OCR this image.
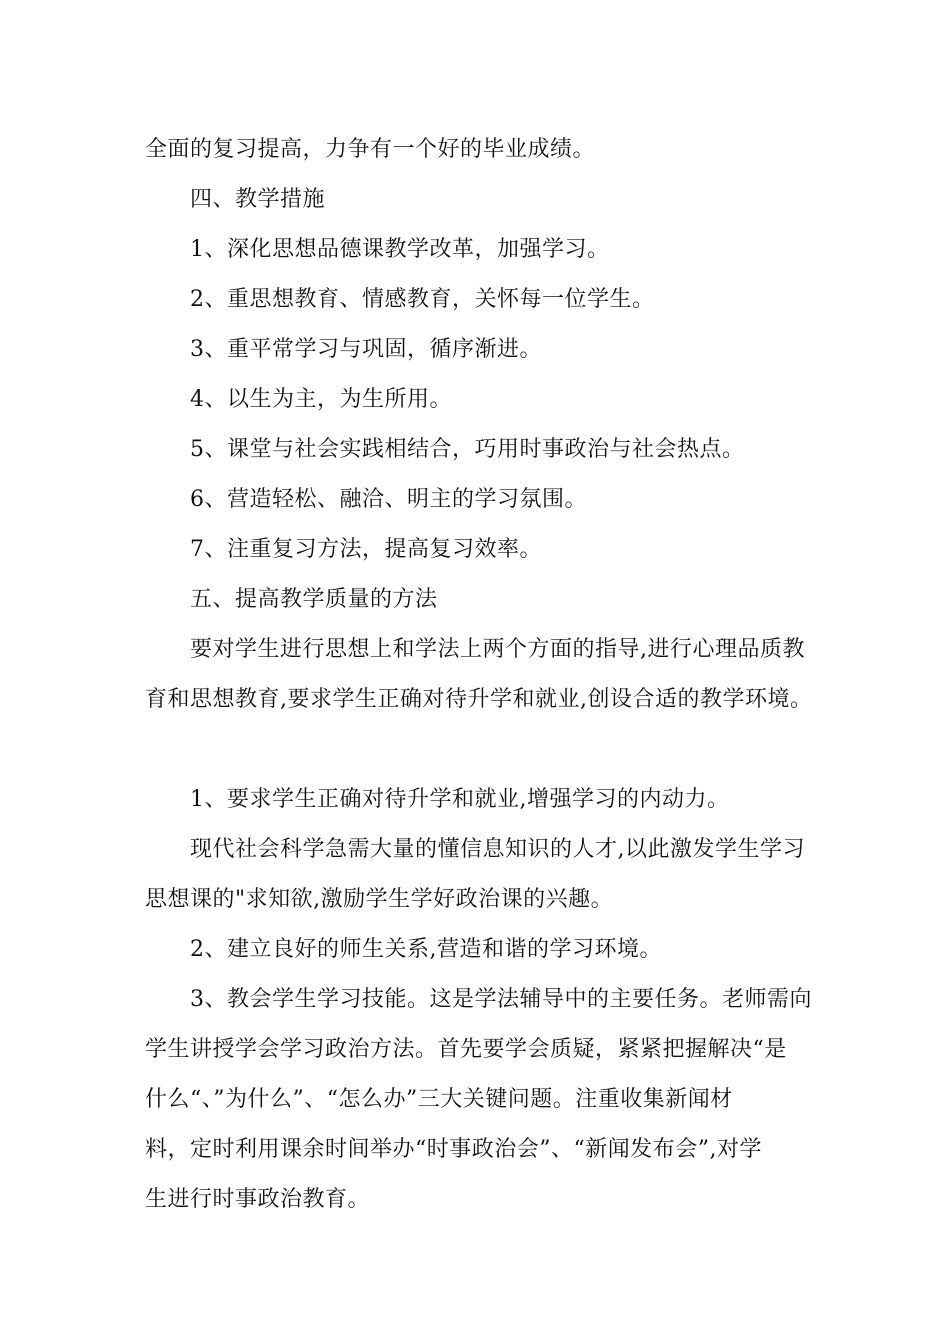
全面的复习提高，力争有一个好的毕业成绩。
四、教学措施
1、深化思想品德课教学改革，加强学习。
2、重思想教育、情感教育，关怀每一位学生。
3、重平常学习与巩固，循序渐进。
4、以生为主，为生所用。
5、课堂与社会实践相结合，巧用时事政治与社会热点。
6、营造轻松、融洽、明主的学习氛围。
7、注重复习方法，提高复习效率。
五、提高教学质量的方法
要对学生进行思想上和学法上两个方面的指导,进行心理品质教
育和思想教育,要求学生正确对待升学和就业,创设合适的教学环境。
1、要求学生正确对待升学和就业,增强学习的内动力。
现代社会科学急需大量的懂信息知识的人才,以此激发学生学习
思想课的"求知欲,激励学生学好政治课的兴趣。
2、建立良好的师生关系,营造和谐的学习环境。
3、教会学生学习技能。这是学法辅导中的主要任务。老师需向
学生讲授学会学习政治方法。首先要学会质疑，紧紧把握解决“是
什么“、”为什么”、“怎么办”三大关键问题。注重收集新闻材
料，定时利用课余时间举办“时事政治会”、“新闻发布会”,对学
生进行时事政治教育。
